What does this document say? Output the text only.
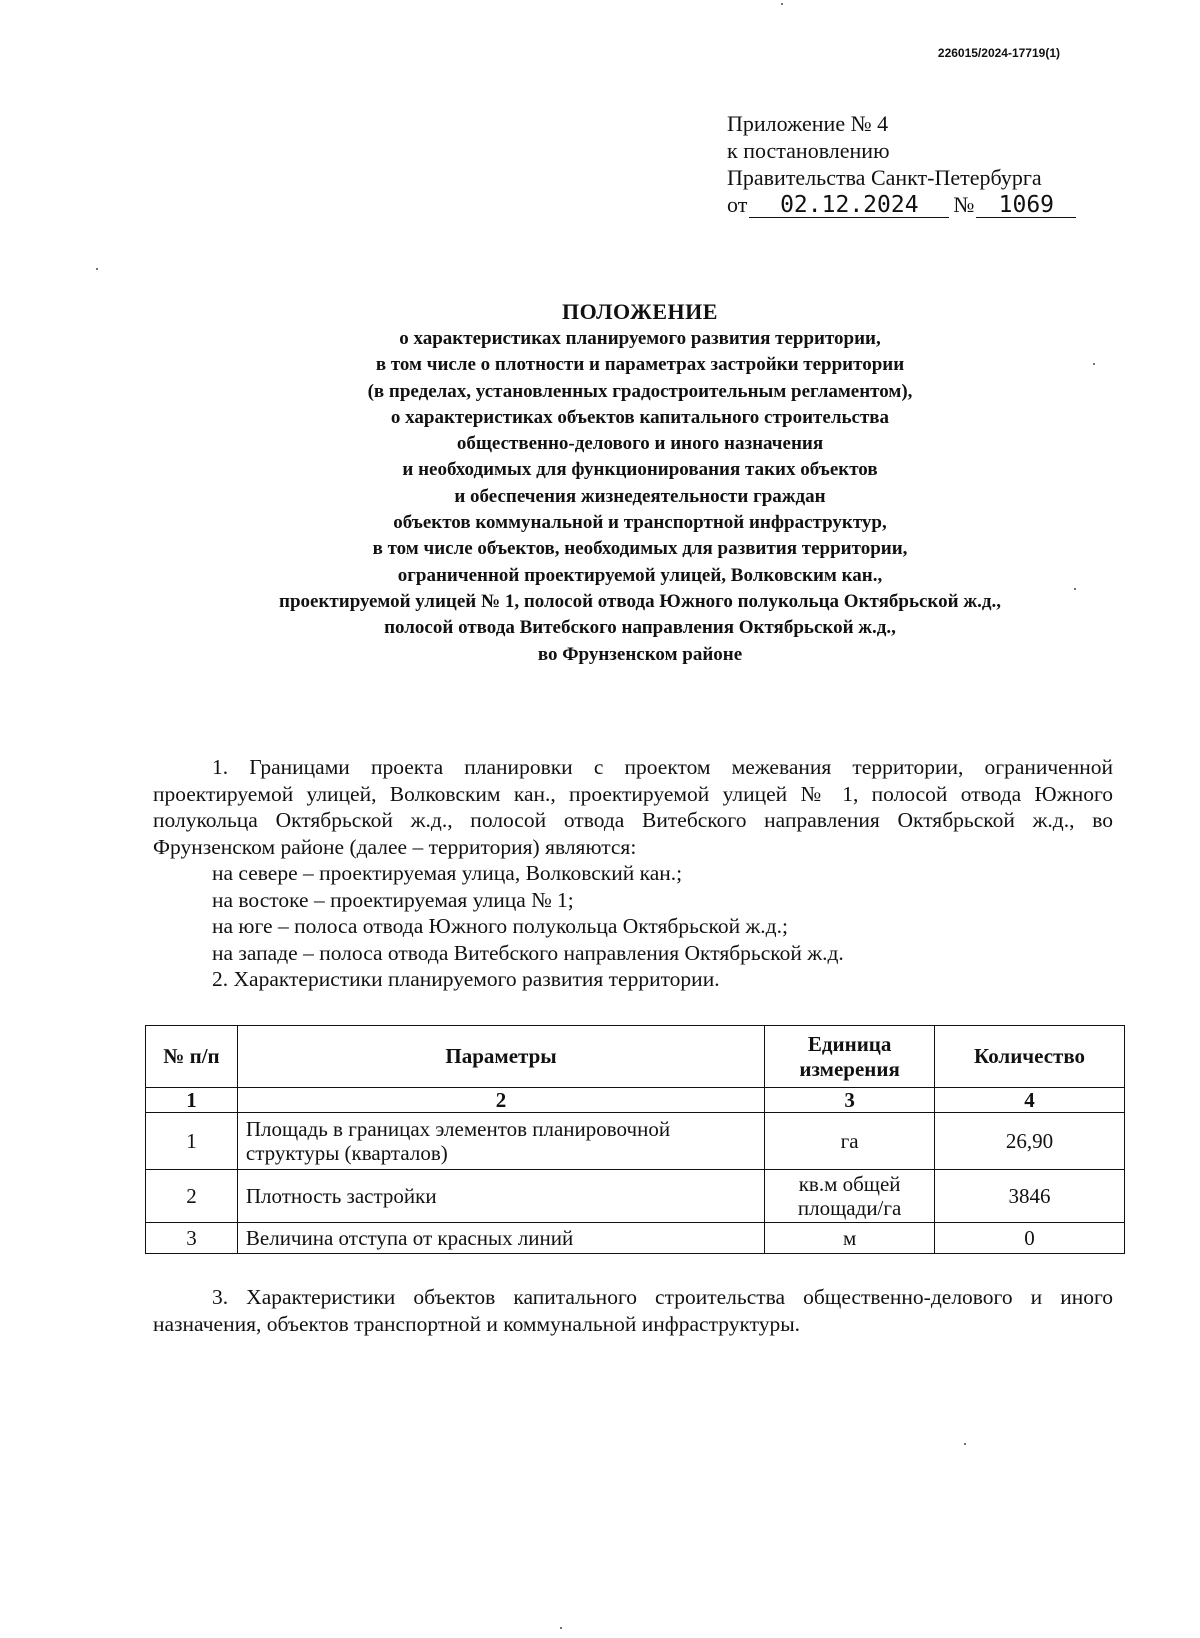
226015/2024-17719(1)
Приложение № 4
к постановлению
Правительства Санкт-Петербурга
от	02.12.2024	№	1069
ПОЛОЖЕНИЕ
о характеристиках планируемого развития территории,
в том числе о плотности и параметрах застройки территории
(в пределах, установленных градостроительным регламентом),
о характеристиках объектов капитального строительства
общественно-делового и иного назначения
и необходимых для функционирования таких объектов
и обеспечения жизнедеятельности граждан
объектов коммунальной и транспортной инфраструктур,
в том числе объектов, необходимых для развития территории,
ограниченной проектируемой улицей, Волковским кан.,
проектируемой улицей № 1, полосой отвода Южного полукольца Октябрьской ж.д.,
полосой отвода Витебского направления Октябрьской ж.д.,
во Фрунзенском районе

1. Границами проекта планировки с проектом межевания территории, ограниченной проектируемой улицей, Волковским кан., проектируемой улицей № 1, полосой отвода Южного полукольца Октябрьской ж.д., полосой отвода Витебского направления Октябрьской ж.д., во Фрунзенском районе (далее – территория) являются:

на севере – проектируемая улица, Волковский кан.;

на востоке – проектируемая улица № 1;

на юге – полоса отвода Южного полукольца Октябрьской ж.д.;

на западе – полоса отвода Витебского направления Октябрьской ж.д.

2. Характеристики планируемого развития территории.

№ п/п	Параметры	Единица измерения	Количество
1	2	3	4
1	Площадь в границах элементов планировочной структуры (кварталов)	га	26,90
2	Плотность застройки	кв.м общей площади/га	3846
3	Величина отступа от красных линий	м	0

3. Характеристики объектов капитального строительства общественно-делового и иного назначения, объектов транспортной и коммунальной инфраструктуры.
